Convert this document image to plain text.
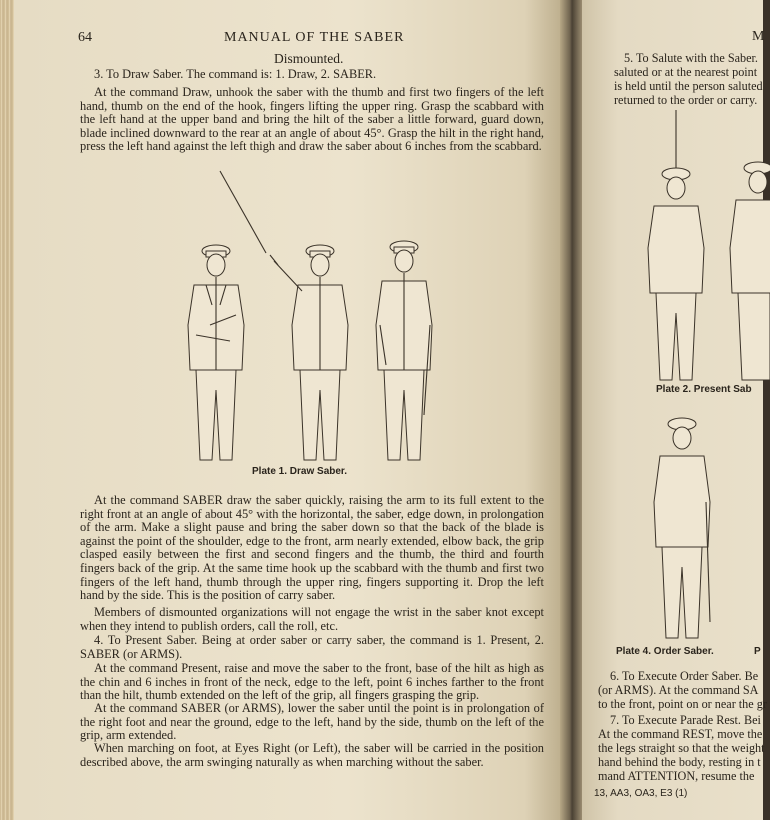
64	MANUAL OF THE SABER
Dismounted.
3. To Draw Saber. The command is: 1. Draw, 2. SABER.
At the command Draw, unhook the saber with the thumb and first two fingers of the left hand, thumb on the end of the hook, fingers lifting the upper ring. Grasp the scabbard with the left hand at the upper band and bring the hilt of the saber a little forward, guard down, blade inclined downward to the rear at an angle of about 45°. Grasp the hilt in the right hand, press the left hand against the left thigh and draw the saber about 6 inches from the scabbard.
Plate 1. Draw Saber.
At the command SABER draw the saber quickly, raising the arm to its full extent to the right front at an angle of about 45° with the horizontal, the saber, edge down, in prolongation of the arm. Make a slight pause and bring the saber down so that the back of the blade is against the point of the shoulder, edge to the front, arm nearly extended, elbow back, the grip clasped easily between the first and second fingers and the thumb, the third and fourth fingers back of the grip. At the same time hook up the scabbard with the thumb and first two fingers of the left hand, thumb through the upper ring, fingers supporting it. Drop the left hand by the side. This is the position of carry saber.
Members of dismounted organizations will not engage the wrist in the saber knot except when they intend to publish orders, call the roll, etc.
4. To Present Saber. Being at order saber or carry saber, the command is 1. Present, 2. SABER (or ARMS).
At the command Present, raise and move the saber to the front, base of the hilt as high as the chin and 6 inches in front of the neck, edge to the left, point 6 inches farther to the front than the hilt, thumb extended on the left of the grip, all fingers grasping the grip.
At the command SABER (or ARMS), lower the saber until the point is in prolongation of the right foot and near the ground, edge to the left, hand by the side, thumb on the left of the grip, arm extended.
When marching on foot, at Eyes Right (or Left), the saber will be carried in the position described above, the arm swinging naturally as when marching without the saber.
M
5. To Salute with the Saber.
saluted or at the nearest point
is held until the person saluted
returned to the order or carry.
Plate 2. Present Sab
Plate 4. Order Saber.	P
6. To Execute Order Saber. Be
(or ARMS). At the command SA
to the front, point on or near the gr
7. To Execute Parade Rest. Bei
At the command REST, move the
the legs straight so that the weight
hand behind the body, resting in t
mand ATTENTION, resume the
13, AA3, OA3, E3 (1)
